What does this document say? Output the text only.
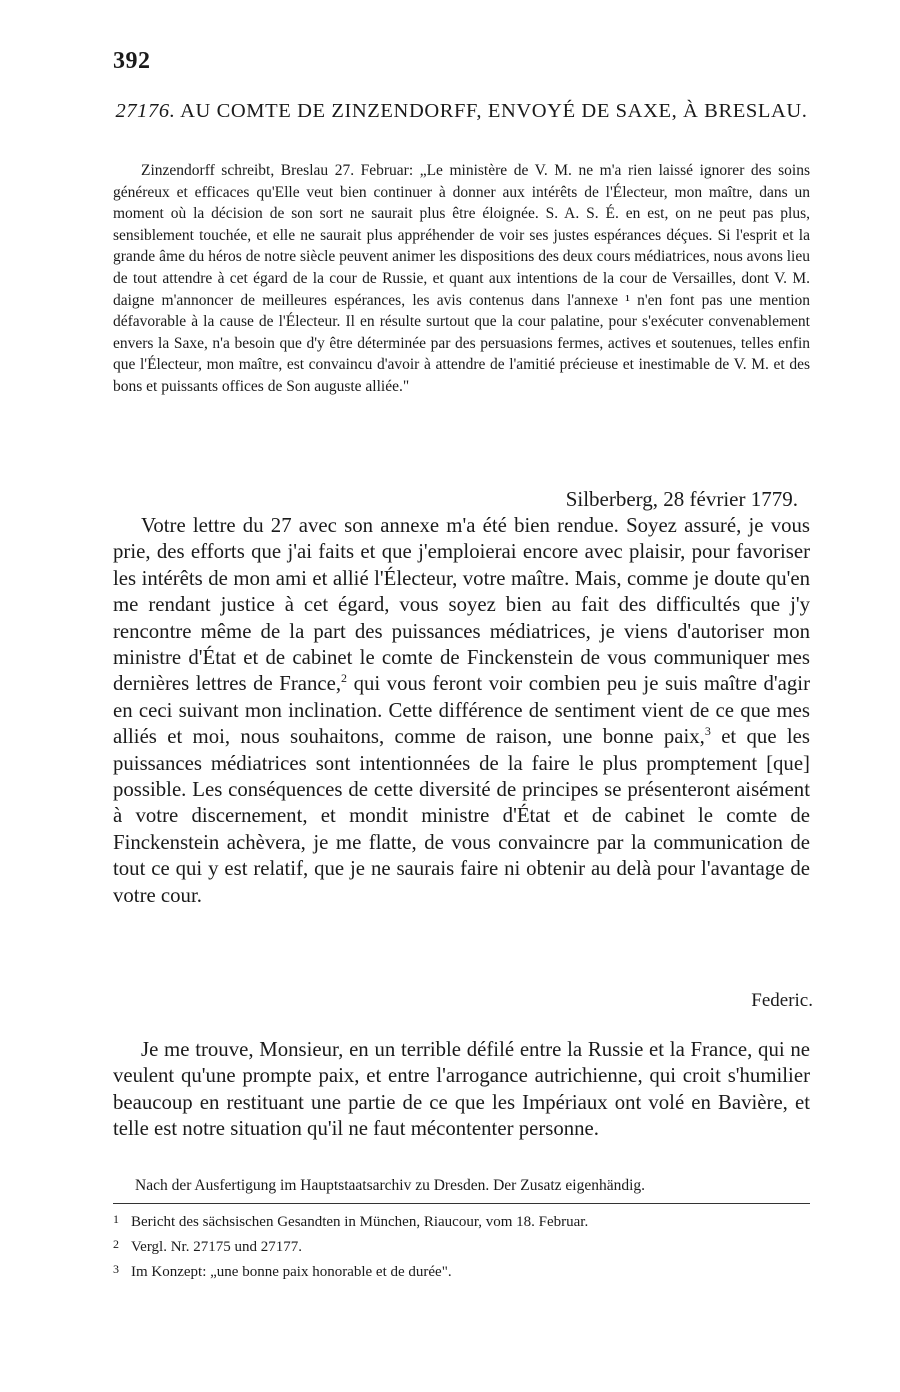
392
27176. AU COMTE DE ZINZENDORFF, ENVOYÉ DE SAXE, À BRESLAU.

Zinzendorff schreibt, Breslau 27. Februar: „Le ministère de V. M. ne m'a rien laissé ignorer des soins généreux et efficaces qu'Elle veut bien continuer à donner aux intérêts de l'Électeur, mon maître, dans un moment où la décision de son sort ne saurait plus être éloignée. S. A. S. É. en est, on ne peut pas plus, sensiblement touchée, et elle ne saurait plus appréhender de voir ses justes espérances déçues. Si l'esprit et la grande âme du héros de notre siècle peuvent animer les dispositions des deux cours médiatrices, nous avons lieu de tout attendre à cet égard de la cour de Russie, et quant aux intentions de la cour de Versailles, dont V. M. daigne m'annoncer de meilleures espérances, les avis contenus dans l'annexe ¹ n'en font pas une mention défavorable à la cause de l'Électeur. Il en résulte surtout que la cour palatine, pour s'exécuter convenablement envers la Saxe, n'a besoin que d'y être déterminée par des persuasions fermes, actives et soutenues, telles enfin que l'Électeur, mon maître, est convaincu d'avoir à attendre de l'amitié précieuse et inestimable de V. M. et des bons et puissants offices de Son auguste alliée."

Silberberg, 28 février 1779.

Votre lettre du 27 avec son annexe m'a été bien rendue. Soyez assuré, je vous prie, des efforts que j'ai faits et que j'emploierai encore avec plaisir, pour favoriser les intérêts de mon ami et allié l'Électeur, votre maître. Mais, comme je doute qu'en me rendant justice à cet égard, vous soyez bien au fait des difficultés que j'y rencontre même de la part des puissances médiatrices, je viens d'autoriser mon ministre d'État et de cabinet le comte de Finckenstein de vous communiquer mes dernières lettres de France,$^2$ qui vous feront voir combien peu je suis maître d'agir en ceci suivant mon inclination. Cette différence de sentiment vient de ce que mes alliés et moi, nous souhaitons, comme de raison, une bonne paix,$^3$ et que les puissances médiatrices sont intentionnées de la faire le plus promptement [que] possible. Les conséquences de cette diversité de principes se présenteront aisément à votre discernement, et mondit ministre d'État et de cabinet le comte de Finckenstein achèvera, je me flatte, de vous convaincre par la communication de tout ce qui y est relatif, que je ne saurais faire ni obtenir au delà pour l'avantage de votre cour.

Federic.

Je me trouve, Monsieur, en un terrible défilé entre la Russie et la France, qui ne veulent qu'une prompte paix, et entre l'arrogance autrichienne, qui croit s'humilier beaucoup en restituant une partie de ce que les Impériaux ont volé en Bavière, et telle est notre situation qu'il ne faut mécontenter personne.

Nach der Ausfertigung im Hauptstaatsarchiv zu Dresden. Der Zusatz eigenhändig.

1 Bericht des sächsischen Gesandten in München, Riaucour, vom 18. Februar.
2 Vergl. Nr. 27175 und 27177.
3 Im Konzept: „une bonne paix honorable et de durée".
